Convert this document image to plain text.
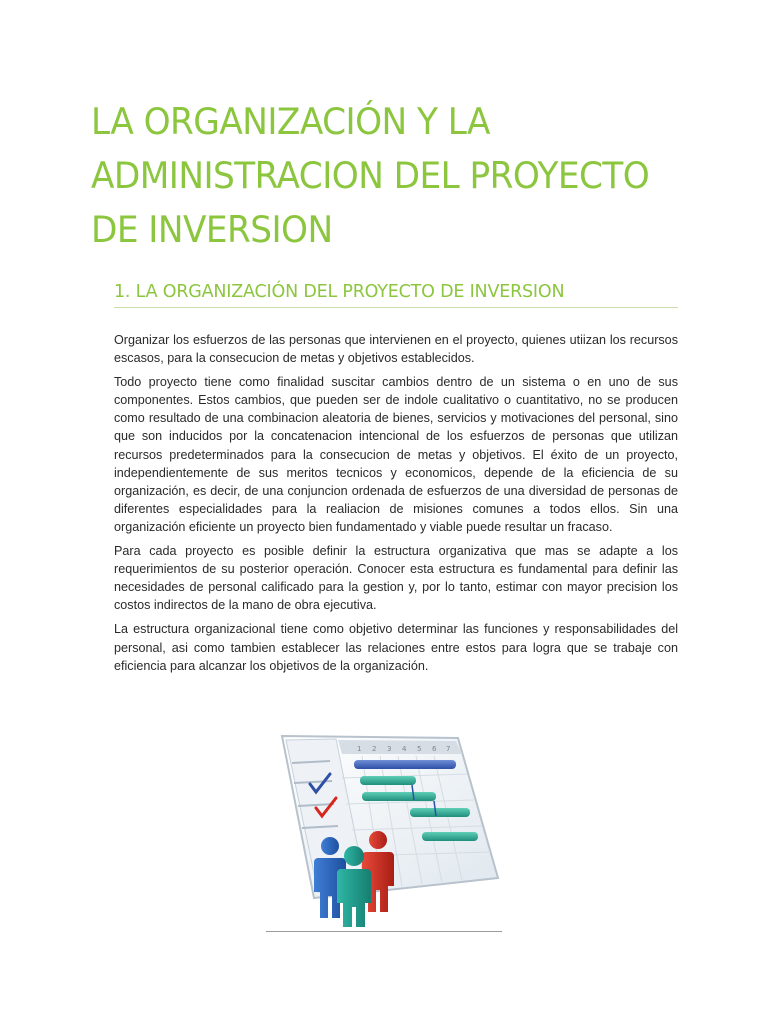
LA ORGANIZACIÓN Y LA ADMINISTRACION DEL PROYECTO DE INVERSION
1. LA ORGANIZACIÓN DEL PROYECTO DE INVERSION

Organizar los esfuerzos de las personas que intervienen en el proyecto, quienes utiizan los recursos escasos, para la consecucion de metas y objetivos establecidos.

Todo proyecto tiene como finalidad suscitar cambios dentro de un sistema o en uno de sus componentes. Estos cambios, que pueden ser de indole cualitativo o cuantitativo, no se producen como resultado de una combinacion aleatoria de bienes, servicios y motivaciones del personal, sino que son inducidos por la concatenacion intencional de los esfuerzos de personas que utilizan recursos predeterminados para la consecucion de metas y objetivos. El éxito de un proyecto, independientemente de sus meritos tecnicos y economicos, depende de la eficiencia de su organización, es decir, de una conjuncion ordenada de esfuerzos de una diversidad de personas de diferentes especialidades para la realiacion de misiones comunes a todos ellos. Sin una organización eficiente un proyecto bien fundamentado y viable puede resultar un fracaso.

Para cada proyecto es posible definir la estructura organizativa que mas se adapte a los requerimientos de su posterior operación. Conocer esta estructura es fundamental para definir las necesidades de personal calificado para la gestion y, por lo tanto, estimar con mayor precision los costos indirectos de la mano de obra ejecutiva.

La estructura organizacional tiene como objetivo determinar las funciones y responsabilidades del personal, asi como tambien establecer las relaciones entre estos para logra que se trabaje con eficiencia para alcanzar los objetivos de la organización.

1 2 3 4 5 6 7
